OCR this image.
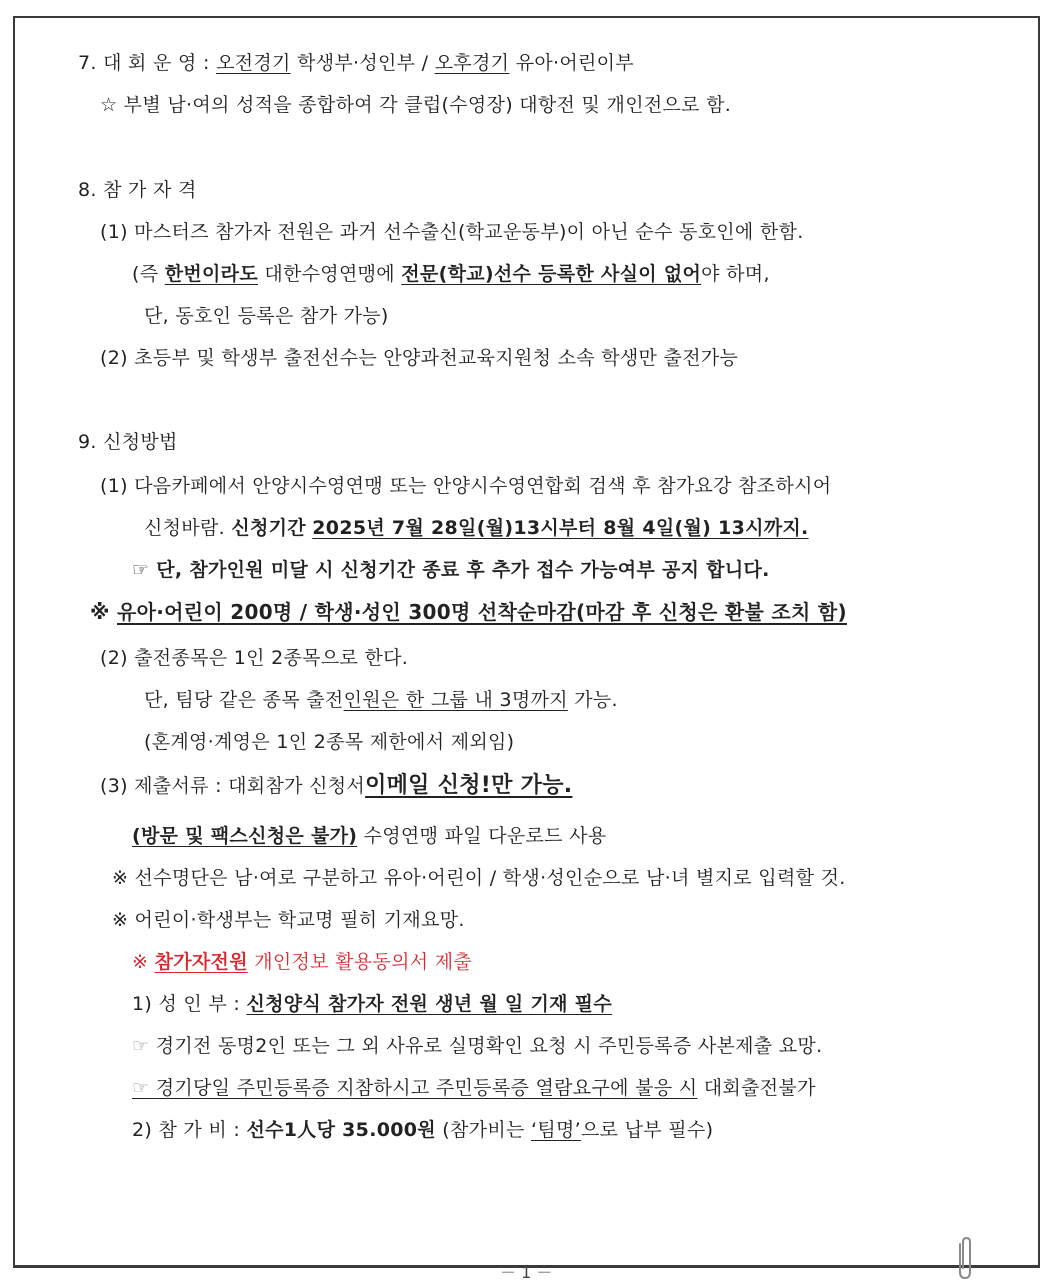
7. 대 회 운 영 : 오전경기 학생부·성인부 / 오후경기 유아·어린이부
☆ 부별 남·여의 성적을 종합하여 각 클럽(수영장) 대항전 및 개인전으로 함.
8. 참 가 자 격
(1) 마스터즈 참가자 전원은 과거 선수출신(학교운동부)이 아닌 순수 동호인에 한함.
(즉 한번이라도 대한수영연맹에 전문(학교)선수 등록한 사실이 없어야 하며,
단, 동호인 등록은 참가 가능)
(2) 초등부 및 학생부 출전선수는 안양과천교육지원청 소속 학생만 출전가능
9. 신청방법
(1) 다음카페에서 안양시수영연맹 또는 안양시수영연합회 검색 후 참가요강 참조하시어
신청바람. 신청기간 2025년 7월 28일(월)13시부터 8월 4일(월) 13시까지.
☞ 단, 참가인원 미달 시 신청기간 종료 후 추가 접수 가능여부 공지 합니다.
※ 유아·어린이 200명 / 학생·성인 300명 선착순마감(마감 후 신청은 환불 조치 함)
(2) 출전종목은 1인 2종목으로 한다.
단, 팀당 같은 종목 출전인원은 한 그룹 내 3명까지 가능.
(혼계영·계영은 1인 2종목 제한에서 제외임)
(3) 제출서류 : 대회참가 신청서이메일 신청!만 가능.
(방문 및 팩스신청은 불가) 수영연맹 파일 다운로드 사용
※ 선수명단은 남·여로 구분하고 유아·어린이 / 학생·성인순으로 남·녀 별지로 입력할 것.
※ 어린이·학생부는 학교명 필히 기재요망.
※ 참가자전원 개인정보 활용동의서 제출
1) 성 인 부 : 신청양식 참가자 전원 생년 월 일 기재 필수
☞ 경기전 동명2인 또는 그 외 사유로 실명확인 요청 시 주민등록증 사본제출 요망.
☞ 경기당일 주민등록증 지참하시고 주민등록증 열람요구에 불응 시 대회출전불가
2) 참 가 비 : 선수1人당 35.000원 (참가비는 ‘팀명’으로 납부 필수)
－ 1 －
